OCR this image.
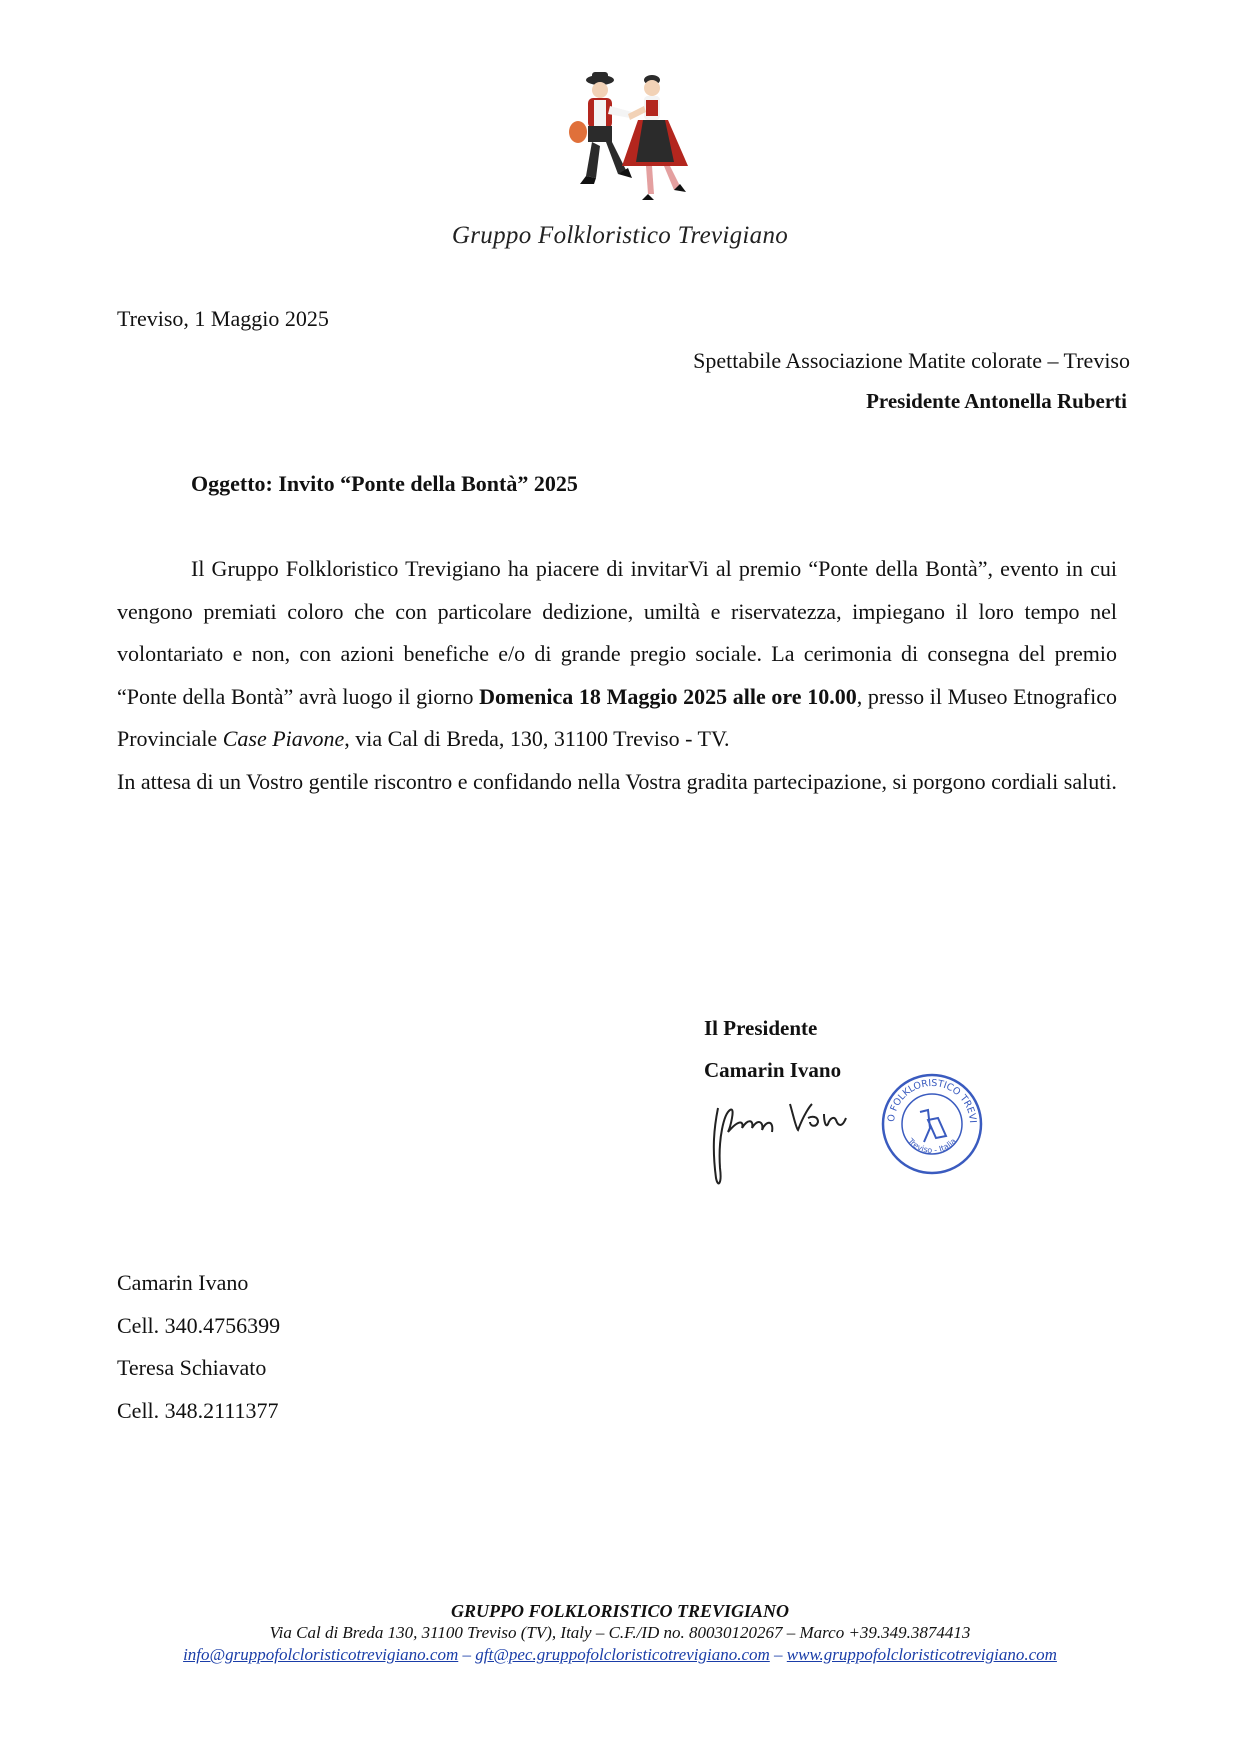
Gruppo Folkloristico Trevigiano
Treviso, 1 Maggio 2025
Spettabile Associazione Matite colorate – Treviso
Presidente Antonella Ruberti
Oggetto: Invito “Ponte della Bontà” 2025

Il Gruppo Folkloristico Trevigiano ha piacere di invitarVi al premio “Ponte della Bontà”, evento in cui vengono premiati coloro che con particolare dedizione, umiltà e riservatezza, impiegano il loro tempo nel volontariato e non, con azioni benefiche e/o di grande pregio sociale. La cerimonia di consegna del premio “Ponte della Bontà” avrà luogo il giorno Domenica 18 Maggio 2025 alle ore 10.00, presso il Museo Etnografico Provinciale Case Piavone, via Cal di Breda, 130, 31100 Treviso - TV.

In attesa di un Vostro gentile riscontro e confidando nella Vostra gradita partecipazione, si porgono cordiali saluti.

Il Presidente
Camarin Ivano
O FOLKLORISTICO TREVI
Treviso - Italia
Camarin Ivano
Cell. 340.4756399
Teresa Schiavato
Cell. 348.2111377
GRUPPO FOLKLORISTICO TREVIGIANO
Via Cal di Breda 130, 31100 Treviso (TV), Italy – C.F./ID no. 80030120267 – Marco +39.349.3874413
info@gruppofolcloristicotrevigiano.com – gft@pec.gruppofolcloristicotrevigiano.com – www.gruppofolcloristicotrevigiano.com
